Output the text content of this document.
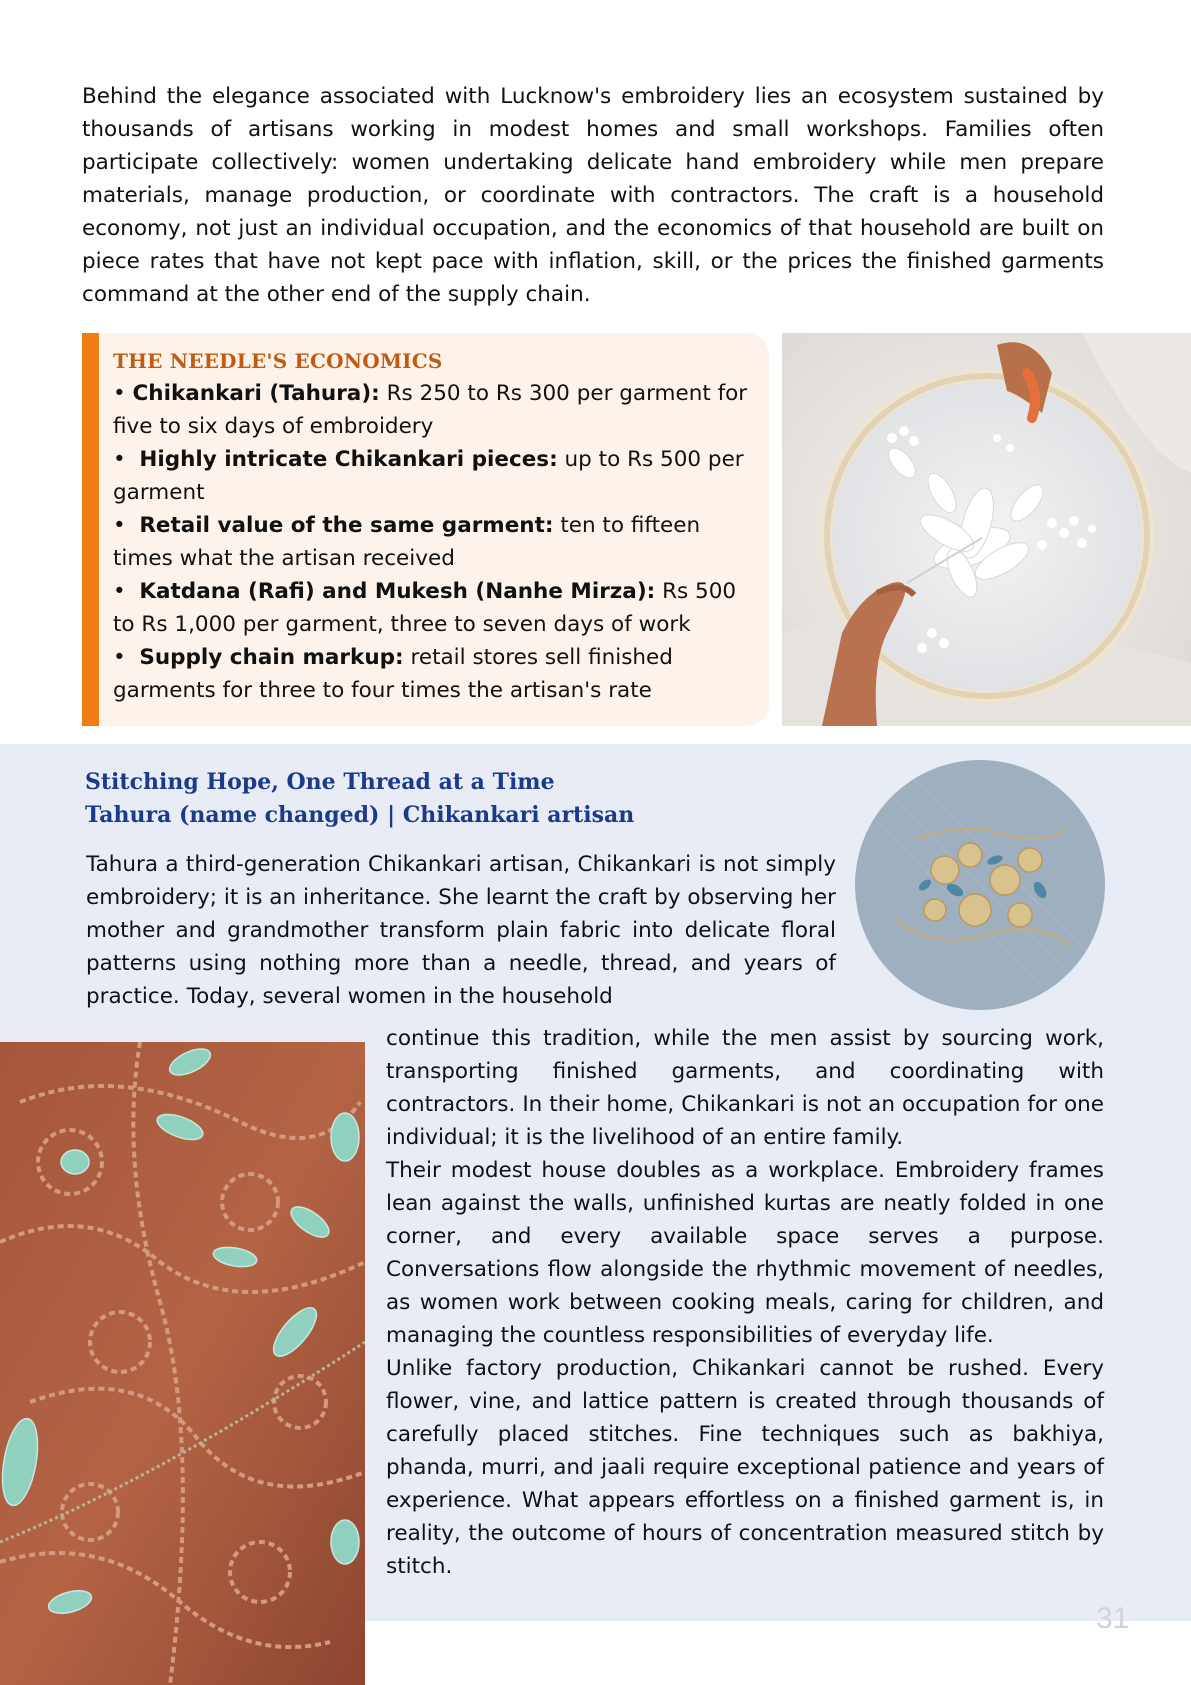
Behind the elegance associated with Lucknow's embroidery lies an ecosystem sustained by thousands of artisans working in modest homes and small workshops. Families often participate collectively: women undertaking delicate hand embroidery while men prepare materials, manage production, or coordinate with contractors. The craft is a household economy, not just an individual occupation, and the economics of that household are built on piece rates that have not kept pace with inflation, skill, or the prices the finished garments command at the other end of the supply chain.

THE NEEDLE'S ECONOMICS
• Chikankari (Tahura): Rs 250 to Rs 300 per garment for five to six days of embroidery
•  Highly intricate Chikankari pieces: up to Rs 500 per garment
•  Retail value of the same garment: ten to fifteen times what the artisan received
•  Katdana (Rafi) and Mukesh (Nanhe Mirza): Rs 500 to Rs 1,000 per garment, three to seven days of work
•  Supply chain markup: retail stores sell finished garments for three to four times the artisan's rate
Stitching Hope, One Thread at a Time
Tahura (name changed) | Chikankari artisan

Tahura a third-generation Chikankari artisan, Chikankari is not simply embroidery; it is an inheritance. She learnt the craft by observing her mother and grandmother transform plain fabric into delicate floral patterns using nothing more than a needle, thread, and years of practice. Today, several women in the household

continue this tradition, while the men assist by sourcing work, transporting finished garments, and coordinating with contractors. In their home, Chikankari is not an occupation for one individual; it is the livelihood of an entire family.

Their modest house doubles as a workplace. Embroidery frames lean against the walls, unfinished kurtas are neatly folded in one corner, and every available space serves a purpose. Conversations flow alongside the rhythmic movement of needles, as women work between cooking meals, caring for children, and managing the countless responsibilities of everyday life.

Unlike factory production, Chikankari cannot be rushed. Every flower, vine, and lattice pattern is created through thousands of carefully placed stitches. Fine techniques such as bakhiya, phanda, murri, and jaali require exceptional patience and years of experience. What appears effortless on a finished garment is, in reality, the outcome of hours of concentration measured stitch by stitch.

31
